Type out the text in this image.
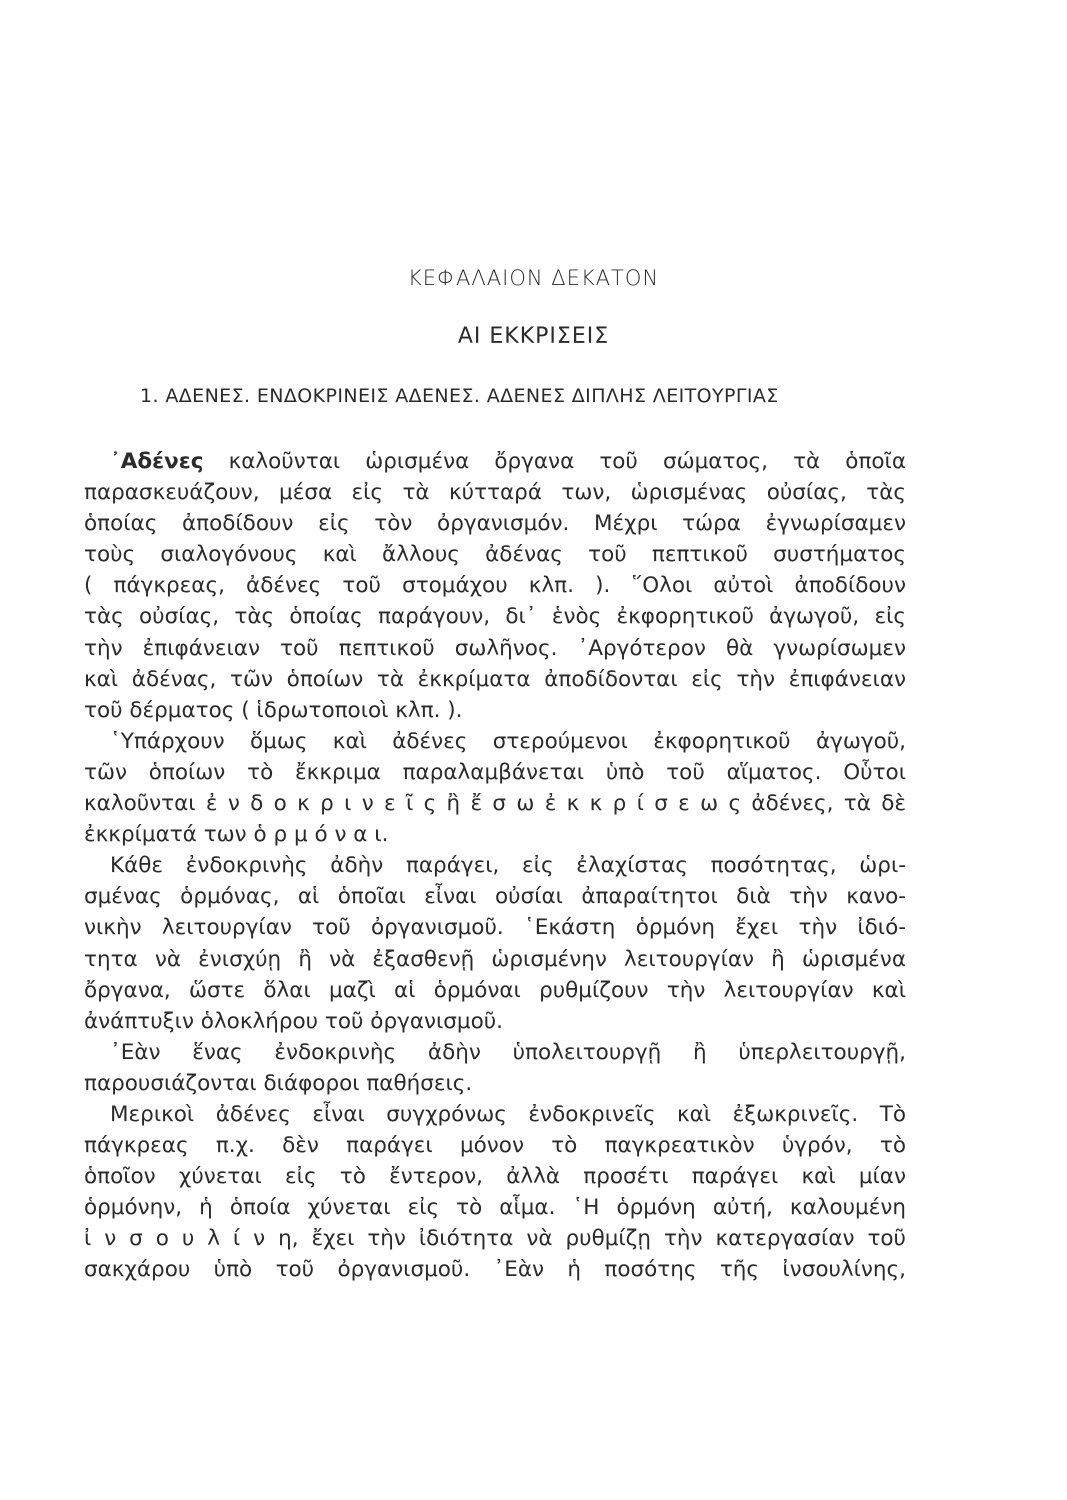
ΚΕΦΑΛΑΙΟΝ ΔΕΚΑΤΟΝ
ΑΙ ΕΚΚΡΙΣΕΙΣ
1. ΑΔΕΝΕΣ. ΕΝΔΟΚΡΙΝΕΙΣ ΑΔΕΝΕΣ. ΑΔΕΝΕΣ ΔΙΠΛΗΣ ΛΕΙΤΟΥΡΓΙΑΣ
᾿Αδένες καλοῦνται ὡρισμένα ὄργανα τοῦ σώματος, τὰ ὁποῖα
παρασκευάζουν, μέσα εἰς τὰ κύτταρά των, ὡρισμένας οὐσίας, τὰς
ὁποίας ἀποδίδουν εἰς τὸν ὀργανισμόν. Μέχρι τώρα ἐγνωρίσαμεν
τοὺς σιαλογόνους καὶ ἄλλους ἀδένας τοῦ πεπτικοῦ συστήματος
( πάγκρεας, ἀδένες τοῦ στομάχου κλπ. ). ῞Ολοι αὐτοὶ ἀποδίδουν
τὰς οὐσίας, τὰς ὁποίας παράγουν, δι᾿ ἑνὸς ἐκφορητικοῦ ἀγωγοῦ, εἰς
τὴν ἐπιφάνειαν τοῦ πεπτικοῦ σωλῆνος. ᾿Αργότερον θὰ γνωρίσωμεν
καὶ ἀδένας, τῶν ὁποίων τὰ ἐκκρίματα ἀποδίδονται εἰς τὴν ἐπιφάνειαν
τοῦ δέρματος ( ἱδρωτοποιοὶ κλπ. ).
῾Υπάρχουν ὅμως καὶ ἀδένες στερούμενοι ἐκφορητικοῦ ἀγωγοῦ,
τῶν ὁποίων τὸ ἔκκριμα παραλαμβάνεται ὑπὸ τοῦ αἵματος. Οὗτοι
καλοῦνται ἐ ν δ ο κ ρ ι ν ε ῖ ς ἢ ἔ σ ω ἐ κ κ ρ ί σ ε ω ς ἀδένες, τὰ δὲ
ἐκκρίματά των ὁ ρ μ ό ν α ι.
Κάθε ἐνδοκρινὴς ἀδὴν παράγει, εἰς ἐλαχίστας ποσότητας, ὡρι-
σμένας ὁρμόνας, αἱ ὁποῖαι εἶναι οὐσίαι ἀπαραίτητοι διὰ τὴν κανο-
νικὴν λειτουργίαν τοῦ ὀργανισμοῦ. ῾Εκάστη ὁρμόνη ἔχει τὴν ἰδιό-
τητα νὰ ἐνισχύῃ ἢ νὰ ἐξασθενῇ ὡρισμένην λειτουργίαν ἢ ὡρισμένα
ὄργανα, ὥστε ὅλαι μαζὶ αἱ ὁρμόναι ρυθμίζουν τὴν λειτουργίαν καὶ
ἀνάπτυξιν ὁλοκλήρου τοῦ ὀργανισμοῦ.
᾿Εὰν ἕνας ἐνδοκρινὴς ἀδὴν ὑπολειτουργῇ ἢ ὑπερλειτουργῇ,
παρουσιάζονται διάφοροι παθήσεις.
Μερικοὶ ἀδένες εἶναι συγχρόνως ἐνδοκρινεῖς καὶ ἐξωκρινεῖς. Τὸ
πάγκρεας π.χ. δὲν παράγει μόνον τὸ παγκρεατικὸν ὑγρόν, τὸ
ὁποῖον χύνεται εἰς τὸ ἔντερον, ἀλλὰ προσέτι παράγει καὶ μίαν
ὁρμόνην, ἡ ὁποία χύνεται εἰς τὸ αἷμα. ῾Η ὁρμόνη αὐτή, καλουμένη
ἰ ν σ ο υ λ ί ν η, ἔχει τὴν ἰδιότητα νὰ ρυθμίζῃ τὴν κατεργασίαν τοῦ
σακχάρου ὑπὸ τοῦ ὀργανισμοῦ. ᾿Εὰν ἡ ποσότης τῆς ἰνσουλίνης,
